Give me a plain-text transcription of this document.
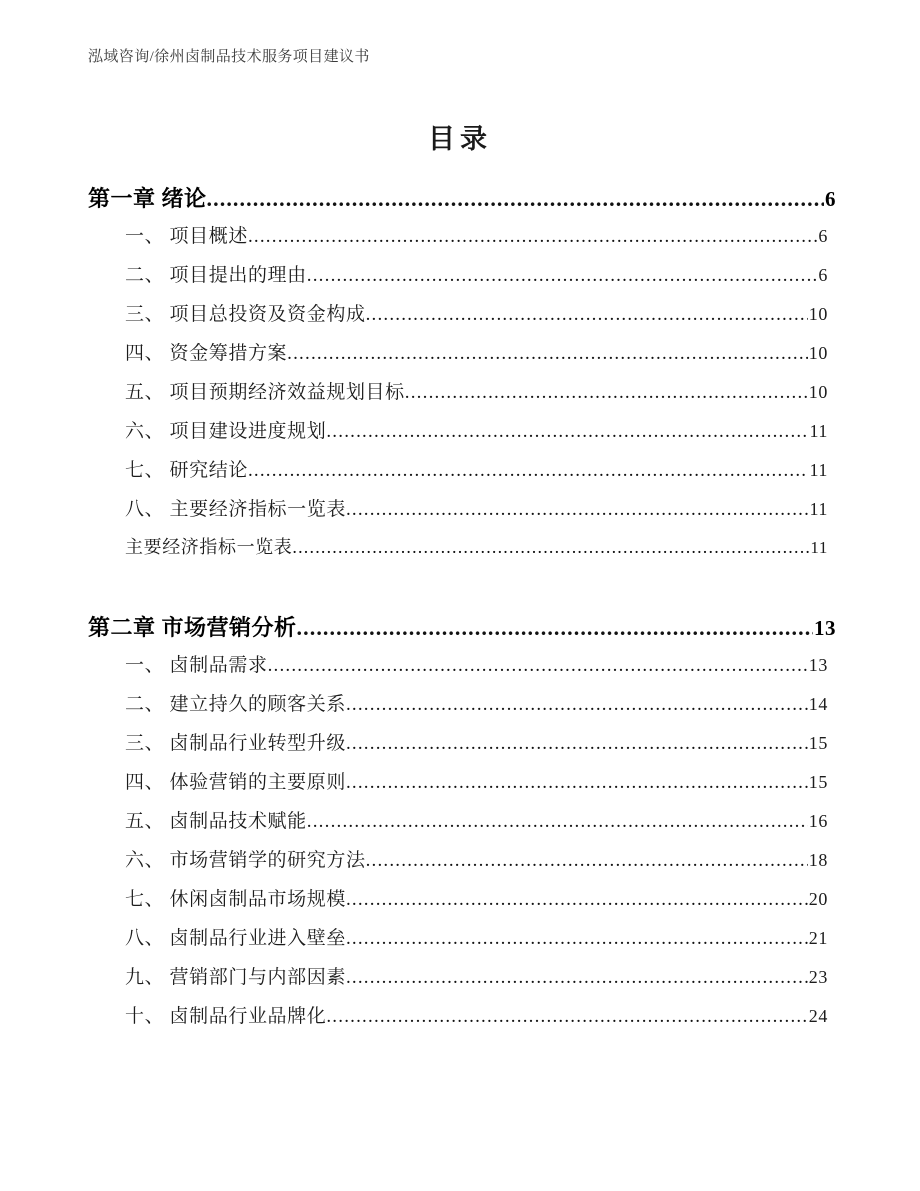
泓域咨询/徐州卤制品技术服务项目建议书
目录
第一章 绪论 .....	6
一、 项目概述 .....	6
二、 项目提出的理由 .....	6
三、 项目总投资及资金构成 .....	10
四、 资金筹措方案 .....	10
五、 项目预期经济效益规划目标 .....	10
六、 项目建设进度规划 .....	11
七、 研究结论 .....	11
八、 主要经济指标一览表 .....	11
主要经济指标一览表 .....	11
第二章 市场营销分析 .....	13
一、 卤制品需求 .....	13
二、 建立持久的顾客关系 .....	14
三、 卤制品行业转型升级 .....	15
四、 体验营销的主要原则 .....	15
五、 卤制品技术赋能 .....	16
六、 市场营销学的研究方法 .....	18
七、 休闲卤制品市场规模 .....	20
八、 卤制品行业进入壁垒 .....	21
九、 营销部门与内部因素 .....	23
十、 卤制品行业品牌化 .....	24
